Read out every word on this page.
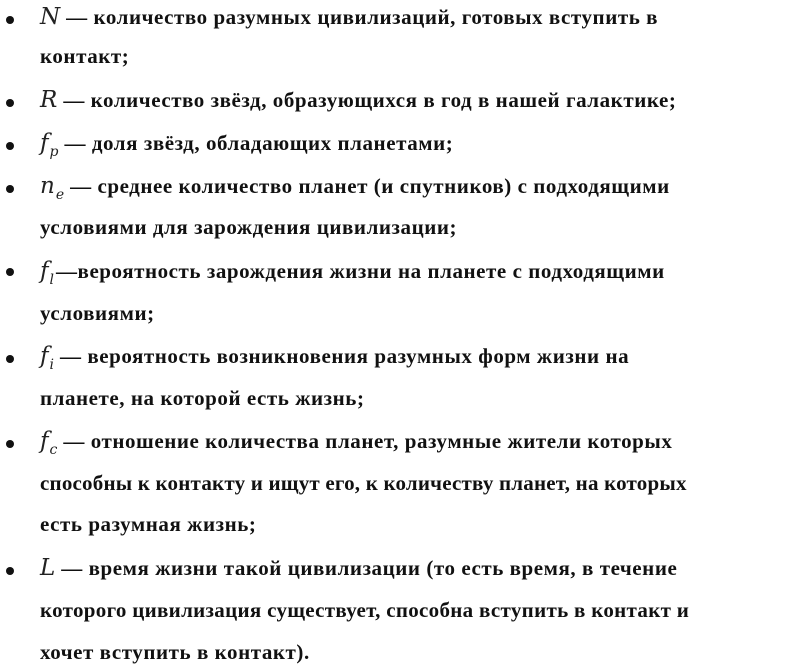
N — количество разумных цивилизаций, готовых вступить в
контакт;
R — количество звёзд, образующихся в год в нашей галактике;
$f_p$ — доля звёзд, обладающих планетами;
$n_e$ — среднее количество планет (и спутников) с подходящими
условиями для зарождения цивилизации;
$f_l—вероятность$ зарождения жизни на планете с подходящими
условиями;
$f_i$ — вероятность возникновения разумных форм жизни на
планете, на которой есть жизнь;
$f_c$ — отношение количества планет, разумные жители которых
способны к контакту и ищут его, к количеству планет, на которых
есть разумная жизнь;
L — время жизни такой цивилизации (то есть время, в течение
которого цивилизация существует, способна вступить в контакт и
хочет вступить в контакт).
